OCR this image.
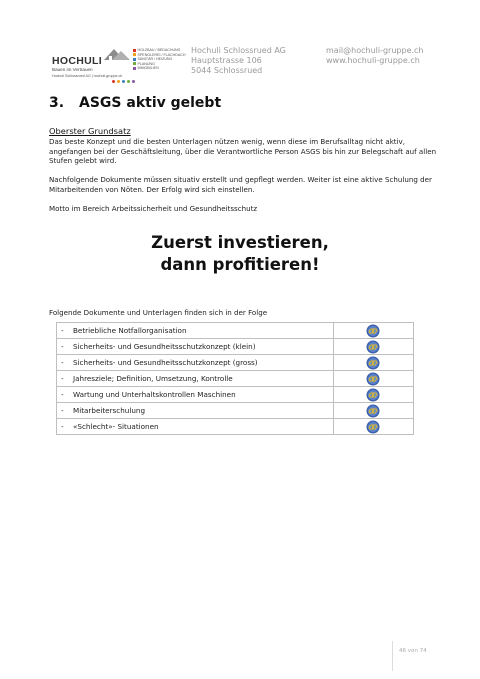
HOCHULI
Bauen im Vertrauen
Hochuli Schlossrued AG | hochuli-gruppe.ch
HOLZBAU / BEDACHUNG
SPENGLEREI / FLACHDACH
SANITÄR / HEIZUNG
PLANUNG
IMMOBILIEN
Hochuli Schlossrued AG
Hauptstrasse 106
5044 Schlossrued
mail@hochuli-gruppe.ch
www.hochuli-gruppe.ch
3. ASGS aktiv gelebt
Oberster Grundsatz

Das beste Konzept und die besten Unterlagen nützen wenig, wenn diese im Berufsalltag nicht aktiv, angefangen bei der Geschäftsleitung, über die Verantwortliche Person ASGS bis hin zur Belegschaft auf allen Stufen gelebt wird.

Nachfolgende Dokumente müssen situativ erstellt und gepflegt werden. Weiter ist eine aktive Schulung der Mitarbeitenden von Nöten. Der Erfolg wird sich einstellen.

Motto im Bereich Arbeitssicherheit und Gesundheitsschutz

Zuerst investieren,
dann profitieren!

Folgende Dokumente und Unterlagen finden sich in der Folge

- Betriebliche Notfallorganisation	

- Sicherheits- und Gesundheitsschutzkonzept (klein)	

- Sicherheits- und Gesundheitsschutzkonzept (gross)	

- Jahresziele; Definition, Umsetzung, Kontrolle	

- Wartung und Unterhaltskontrollen Maschinen	

- Mitarbeiterschulung	

- «Schlecht»- Situationen	
46 von 74
